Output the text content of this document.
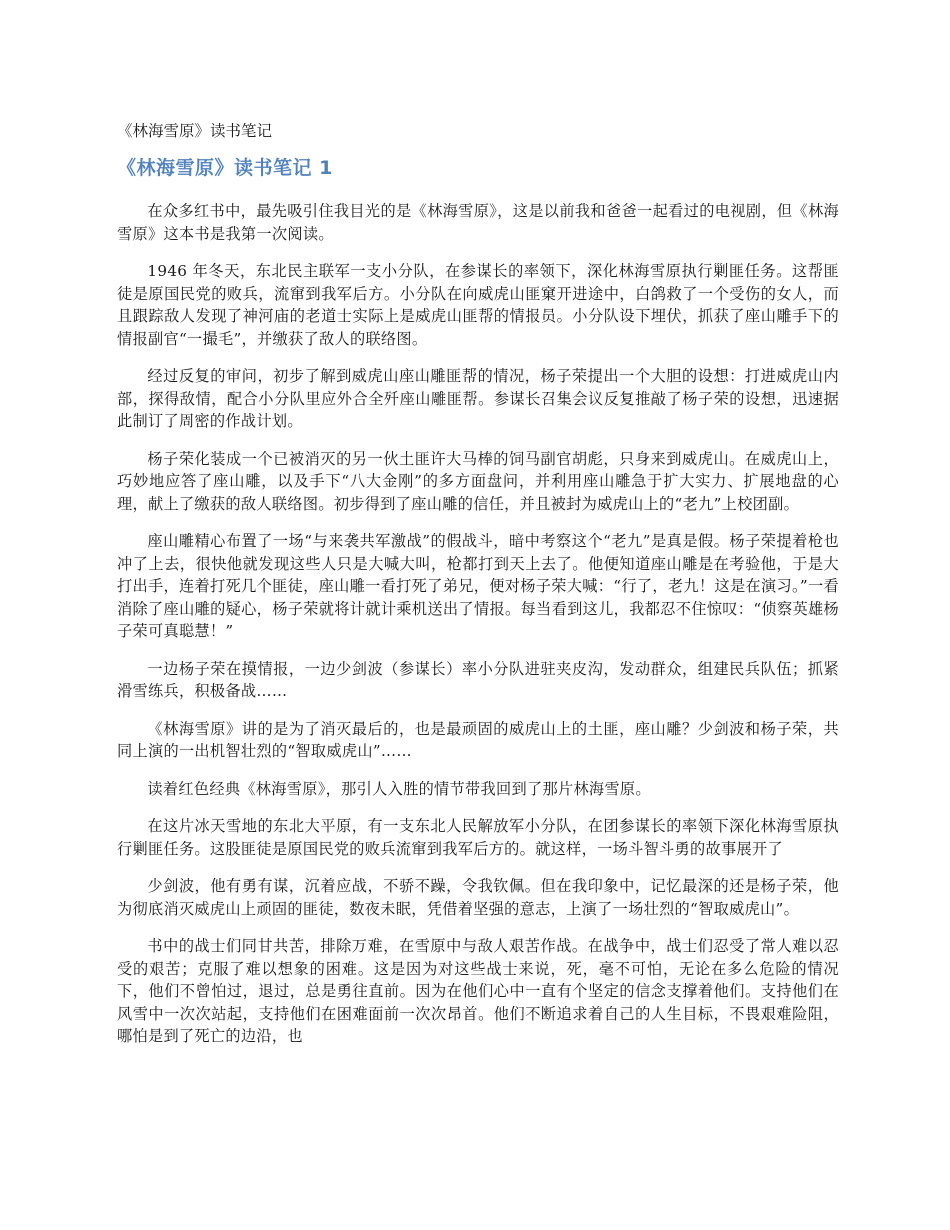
《林海雪原》读书笔记
《林海雪原》读书笔记 1

在众多红书中，最先吸引住我目光的是《林海雪原》，这是以前我和爸爸一起看过的电视剧，但《林海雪原》这本书是我第一次阅读。

1946 年冬天，东北民主联军一支小分队，在参谋长的率领下，深化林海雪原执行剿匪任务。这帮匪徒是原国民党的败兵，流窜到我军后方。小分队在向威虎山匪窠开进途中，白鸽救了一个受伤的女人，而且跟踪敌人发现了神河庙的老道士实际上是威虎山匪帮的情报员。小分队设下埋伏，抓获了座山雕手下的情报副官“一撮毛”，并缴获了敌人的联络图。

经过反复的审问，初步了解到威虎山座山雕匪帮的情况，杨子荣提出一个大胆的设想：打进威虎山内部，探得敌情，配合小分队里应外合全歼座山雕匪帮。参谋长召集会议反复推敲了杨子荣的设想，迅速据此制订了周密的作战计划。

杨子荣化装成一个已被消灭的另一伙土匪许大马棒的饲马副官胡彪，只身来到威虎山。在威虎山上，巧妙地应答了座山雕，以及手下“八大金刚”的多方面盘问，并利用座山雕急于扩大实力、扩展地盘的心理，献上了缴获的敌人联络图。初步得到了座山雕的信任，并且被封为威虎山上的“老九”上校团副。

座山雕精心布置了一场“与来袭共军激战”的假战斗，暗中考察这个“老九”是真是假。杨子荣提着枪也冲了上去，很快他就发现这些人只是大喊大叫，枪都打到天上去了。他便知道座山雕是在考验他，于是大打出手，连着打死几个匪徒，座山雕一看打死了弟兄，便对杨子荣大喊：“行了，老九！这是在演习。”一看消除了座山雕的疑心，杨子荣就将计就计乘机送出了情报。每当看到这儿，我都忍不住惊叹：“侦察英雄杨子荣可真聪慧！”

一边杨子荣在摸情报，一边少剑波（参谋长）率小分队进驻夹皮沟，发动群众，组建民兵队伍；抓紧滑雪练兵，积极备战……

《林海雪原》讲的是为了消灭最后的，也是最顽固的威虎山上的土匪，座山雕？少剑波和杨子荣，共同上演的一出机智壮烈的“智取威虎山”……

读着红色经典《林海雪原》，那引人入胜的情节带我回到了那片林海雪原。

在这片冰天雪地的东北大平原，有一支东北人民解放军小分队，在团参谋长的率领下深化林海雪原执行剿匪任务。这股匪徒是原国民党的败兵流窜到我军后方的。就这样，一场斗智斗勇的故事展开了

少剑波，他有勇有谋，沉着应战，不骄不躁，令我钦佩。但在我印象中，记忆最深的还是杨子荣，他为彻底消灭威虎山上顽固的匪徒，数夜未眠，凭借着坚强的意志，上演了一场壮烈的“智取威虎山”。

书中的战士们同甘共苦，排除万难，在雪原中与敌人艰苦作战。在战争中，战士们忍受了常人难以忍受的艰苦；克服了难以想象的困难。这是因为对这些战士来说，死，毫不可怕，无论在多么危险的情况下，他们不曾怕过，退过，总是勇往直前。因为在他们心中一直有个坚定的信念支撑着他们。支持他们在风雪中一次次站起，支持他们在困难面前一次次昂首。他们不断追求着自己的人生目标，不畏艰难险阻，哪怕是到了死亡的边沿，也
